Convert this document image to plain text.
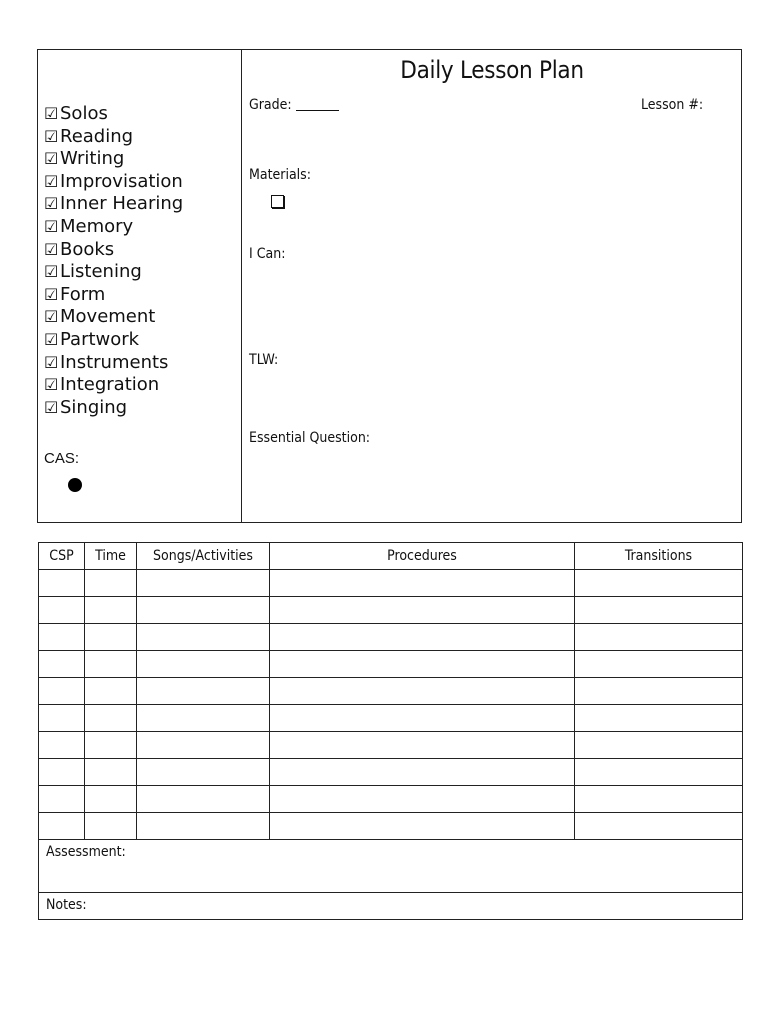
☑Solos
☑Reading
☑Writing
☑Improvisation
☑Inner Hearing
☑Memory
☑Books
☑Listening
☑Form
☑Movement
☑Partwork
☑Instruments
☑Integration
☑Singing
CAS:
Daily Lesson Plan
Grade:	Lesson #:
Materials:
I Can:
TLW:
Essential Question:
CSP	Time	Songs/Activities	Procedures	Transitions

Assessment:				
Notes:				
